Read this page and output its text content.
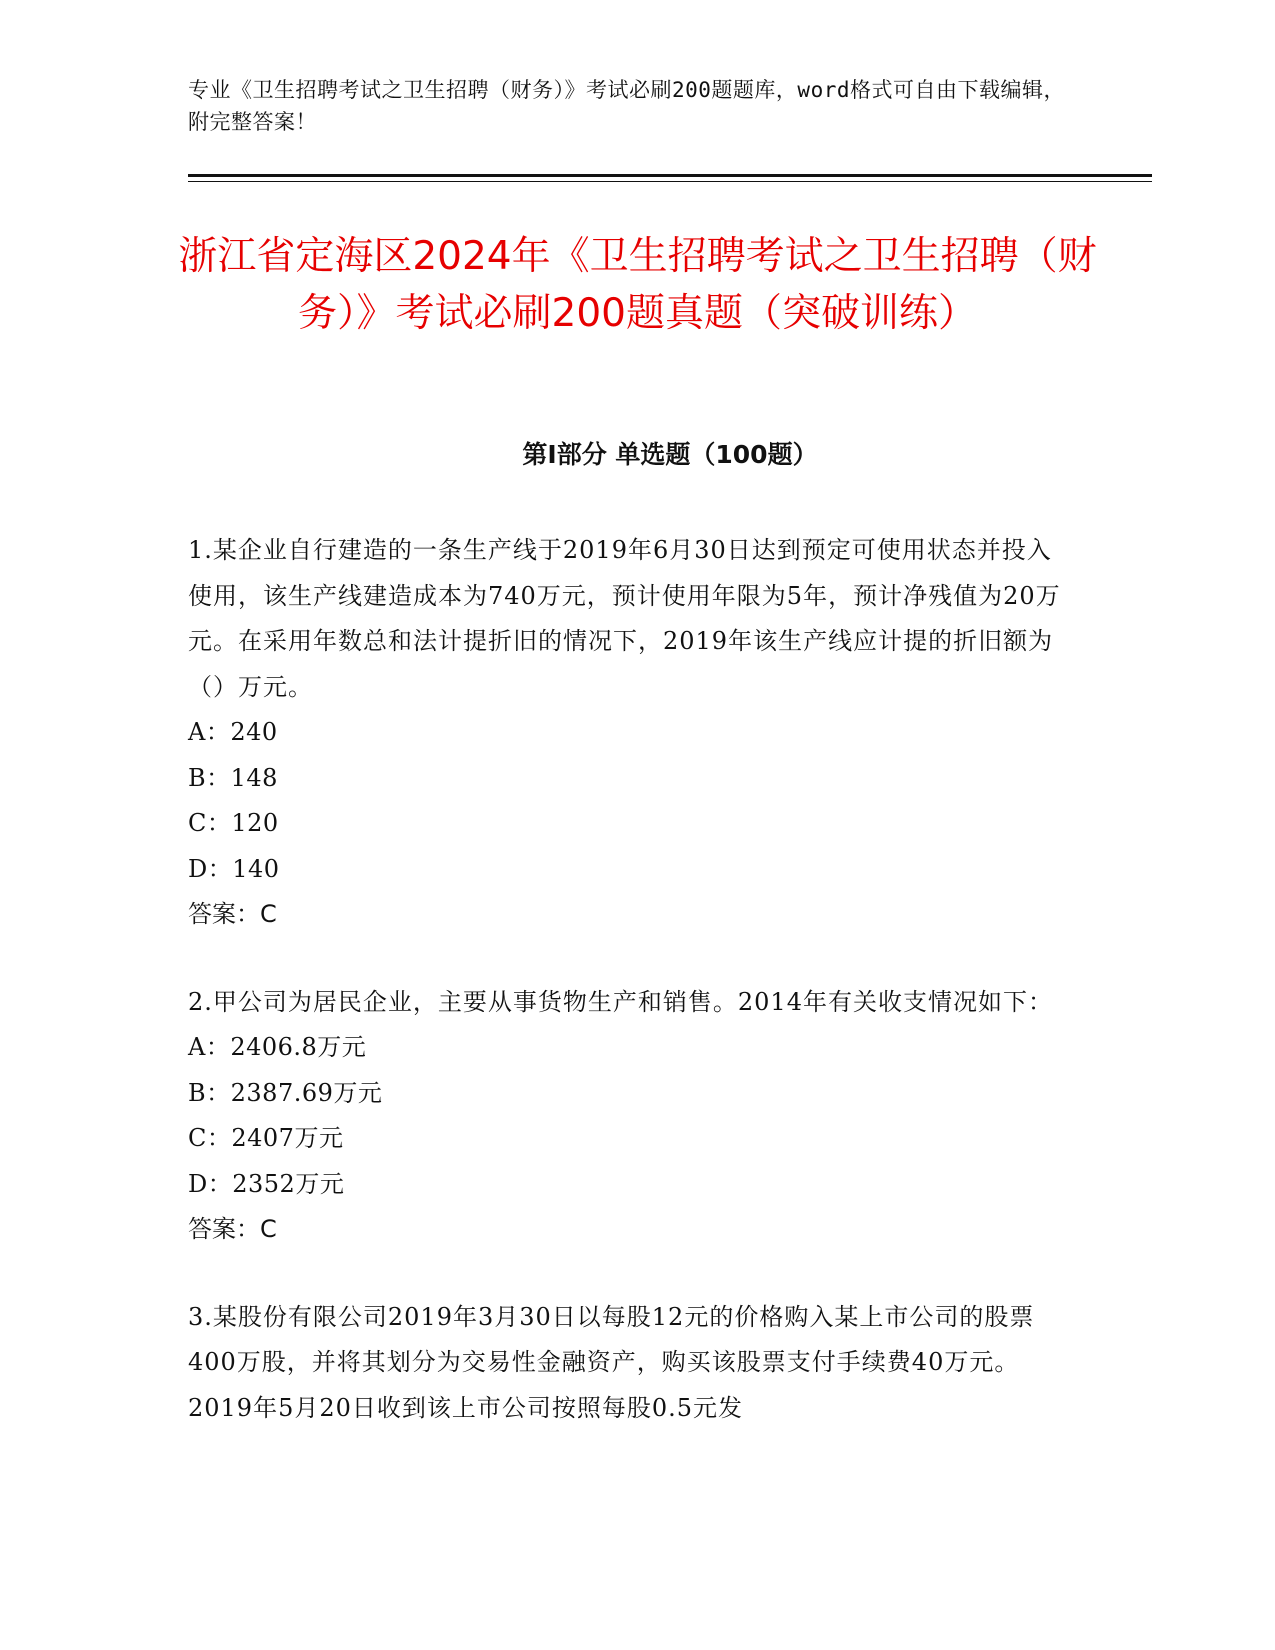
专业《卫生招聘考试之卫生招聘（财务）》考试必刷200题题库，word格式可自由下载编辑，附完整答案！
浙江省定海区2024年《卫生招聘考试之卫生招聘（财务）》考试必刷200题真题（突破训练）
第Ⅰ部分 单选题（100题）

1.某企业自行建造的一条生产线于2019年6月30日达到预定可使用状态并投入使用，该生产线建造成本为740万元，预计使用年限为5年，预计净残值为20万元。在采用年数总和法计提折旧的情况下，2019年该生产线应计提的折旧额为（）万元。

A：240

B：148

C：120

D：140

答案：C

2.甲公司为居民企业，主要从事货物生产和销售。2014年有关收支情况如下：

A：2406.8万元

B：2387.69万元

C：2407万元

D：2352万元

答案：C

3.某股份有限公司2019年3月30日以每股12元的价格购入某上市公司的股票400万股，并将其划分为交易性金融资产，购买该股票支付手续费40万元。2019年5月20日收到该上市公司按照每股0.5元发
